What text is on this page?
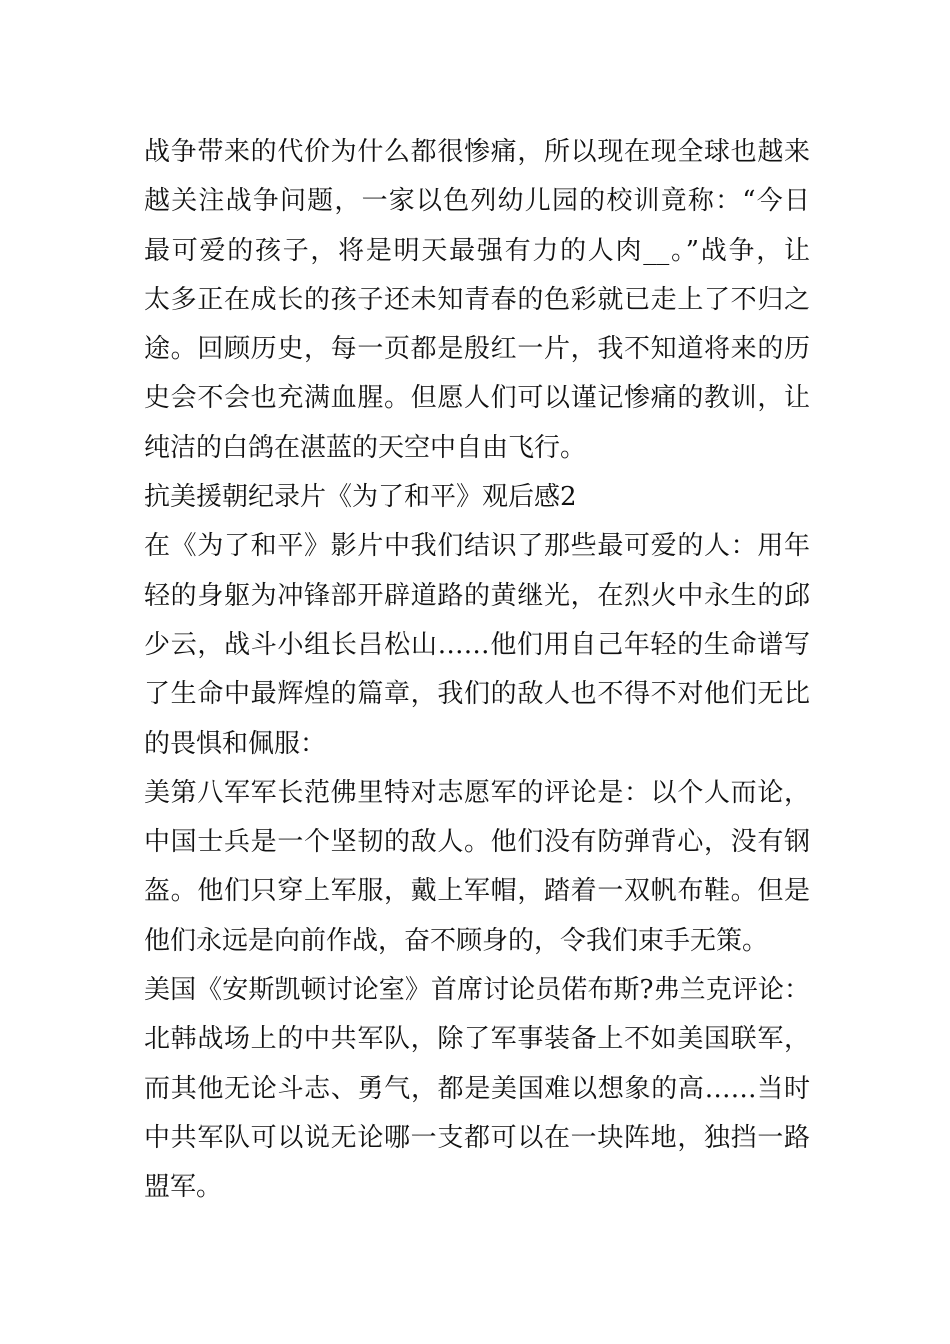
战争带来的代价为什么都很惨痛，所以现在现全球也越来
越关注战争问题，一家以色列幼儿园的校训竟称：“今日
最可爱的孩子，将是明天最强有力的人肉__。”战争，让
太多正在成长的孩子还未知青春的色彩就已走上了不归之
途。回顾历史，每一页都是殷红一片，我不知道将来的历
史会不会也充满血腥。但愿人们可以谨记惨痛的教训，让
纯洁的白鸽在湛蓝的天空中自由飞行。
抗美援朝纪录片《为了和平》观后感2
在《为了和平》影片中我们结识了那些最可爱的人：用年
轻的身躯为冲锋部开辟道路的黄继光，在烈火中永生的邱
少云，战斗小组长吕松山……他们用自己年轻的生命谱写
了生命中最辉煌的篇章，我们的敌人也不得不对他们无比
的畏惧和佩服：
美第八军军长范佛里特对志愿军的评论是：以个人而论，
中国士兵是一个坚韧的敌人。他们没有防弹背心，没有钢
盔。他们只穿上军服，戴上军帽，踏着一双帆布鞋。但是
他们永远是向前作战，奋不顾身的，令我们束手无策。
美国《安斯凯顿讨论室》首席讨论员偌布斯?弗兰克评论：
北韩战场上的中共军队，除了军事装备上不如美国联军，
而其他无论斗志、勇气，都是美国难以想象的高……当时
中共军队可以说无论哪一支都可以在一块阵地，独挡一路
盟军。
